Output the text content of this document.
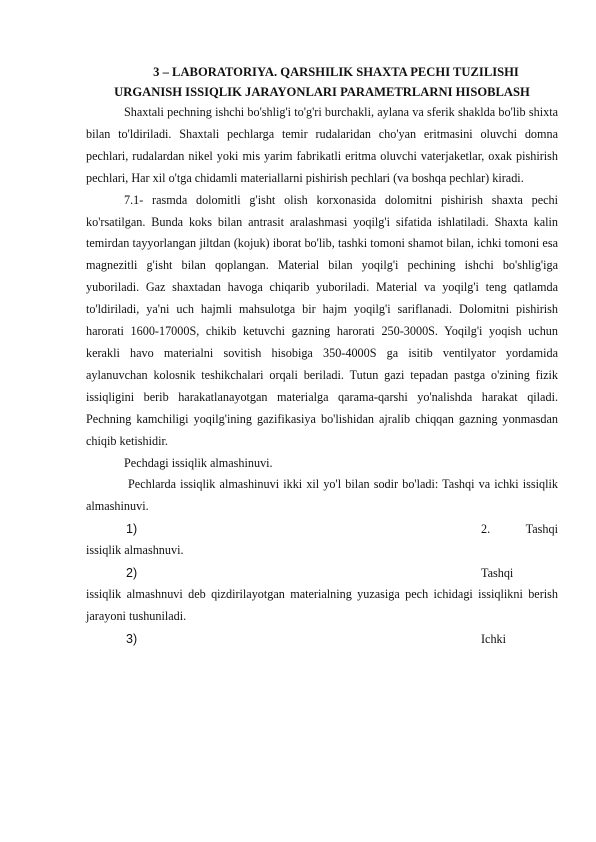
3 – LABORATORIYA. QARSHILIK SHAXTA PECHI TUZILISHI
URGANISH ISSIQLIK JARAYONLARI PARAMETRLARNI HISOBLASH

Shaxtali pechning ishchi bo'shlig'i to'g'ri burchakli, aylana va sferik shaklda bo'lib shixta bilan to'ldiriladi. Shaxtali pechlarga temir rudalaridan cho'yan eritmasini oluvchi domna pechlari, rudalardan nikel yoki mis yarim fabrikatli eritma oluvchi vaterjaketlar, oxak pishirish pechlari, Har xil o'tga chidamli materiallarni pishirish pechlari (va boshqa pechlar) kiradi.

7.1- rasmda dolomitli g'isht olish korxonasida dolomitni pishirish shaxta pechi ko'rsatilgan. Bunda koks bilan antrasit aralashmasi yoqilg'i sifatida ishlatiladi. Shaxta kalin temirdan tayyorlangan jiltdan (kojuk) iborat bo'lib, tashki tomoni shamot bilan, ichki tomoni esa magnezitli g'isht bilan qoplangan. Material bilan yoqilg'i pechining ishchi bo'shlig'iga yuboriladi. Gaz shaxtadan havoga chiqarib yuboriladi. Material va yoqilg'i teng qatlamda to'ldiriladi, ya'ni uch hajmli mahsulotga bir hajm yoqilg'i sariflanadi. Dolomitni pishirish harorati 1600-17000S, chikib ketuvchi gazning harorati 250-3000S. Yoqilg'i yoqish uchun kerakli havo materialni sovitish hisobiga 350-4000S ga isitib ventilyator yordamida aylanuvchan kolosnik teshikchalari orqali beriladi. Tutun gazi tepadan pastga o'zining fizik issiqligini berib harakatlanayotgan materialga qarama-qarshi yo'nalishda harakat qiladi. Pechning kamchiligi yoqilg'ining gazifikasiya bo'lishidan ajralib chiqqan gazning yonmasdan chiqib ketishidir.

Pechdagi issiqlik almashinuvi.

Pechlarda issiqlik almashinuvi ikki xil yo'l bilan sodir bo'ladi: Tashqi va ichki issiqlik almashinuvi.

1)	2.	Tashqi

issiqlik almashnuvi.

2)	Tashqi

issiqlik almashnuvi deb qizdirilayotgan materialning yuzasiga pech ichidagi issiqlikni berish jarayoni tushuniladi.

3)	Ichki
